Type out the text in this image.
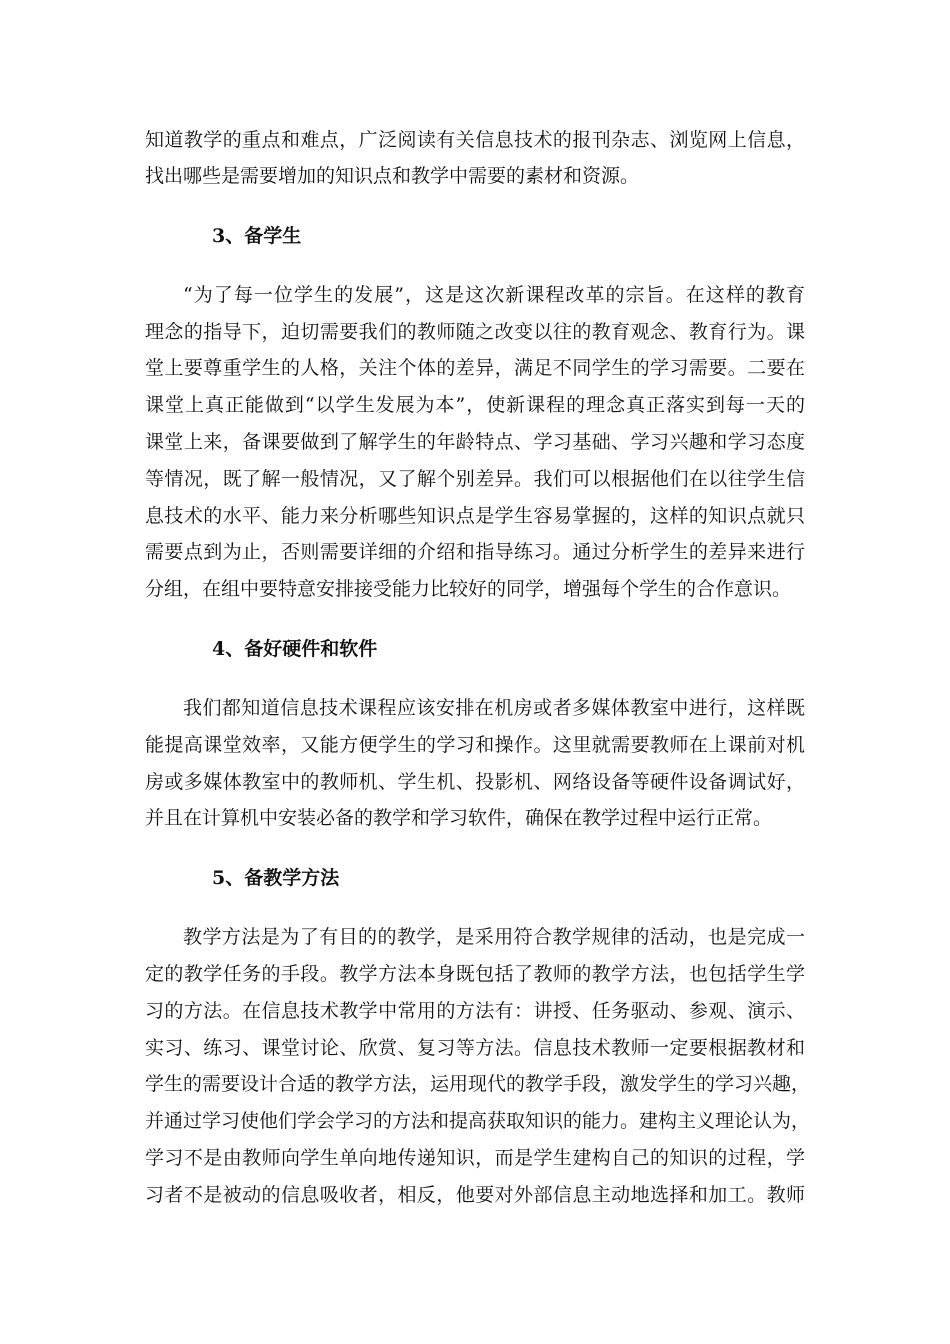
知道教学的重点和难点，广泛阅读有关信息技术的报刊杂志、浏览网上信息，
找出哪些是需要增加的知识点和教学中需要的素材和资源。
3、备学生
“为了每一位学生的发展”，这是这次新课程改革的宗旨。在这样的教育
理念的指导下，迫切需要我们的教师随之改变以往的教育观念、教育行为。课
堂上要尊重学生的人格，关注个体的差异，满足不同学生的学习需要。二要在
课堂上真正能做到“以学生发展为本”，使新课程的理念真正落实到每一天的
课堂上来，备课要做到了解学生的年龄特点、学习基础、学习兴趣和学习态度
等情况，既了解一般情况，又了解个别差异。我们可以根据他们在以往学生信
息技术的水平、能力来分析哪些知识点是学生容易掌握的，这样的知识点就只
需要点到为止，否则需要详细的介绍和指导练习。通过分析学生的差异来进行
分组，在组中要特意安排接受能力比较好的同学，增强每个学生的合作意识。
4、备好硬件和软件
我们都知道信息技术课程应该安排在机房或者多媒体教室中进行，这样既
能提高课堂效率，又能方便学生的学习和操作。这里就需要教师在上课前对机
房或多媒体教室中的教师机、学生机、投影机、网络设备等硬件设备调试好，
并且在计算机中安装必备的教学和学习软件，确保在教学过程中运行正常。
5、备教学方法
教学方法是为了有目的的教学，是采用符合教学规律的活动，也是完成一
定的教学任务的手段。教学方法本身既包括了教师的教学方法，也包括学生学
习的方法。在信息技术教学中常用的方法有：讲授、任务驱动、参观、演示、
实习、练习、课堂讨论、欣赏、复习等方法。信息技术教师一定要根据教材和
学生的需要设计合适的教学方法，运用现代的教学手段，激发学生的学习兴趣，
并通过学习使他们学会学习的方法和提高获取知识的能力。建构主义理论认为，
学习不是由教师向学生单向地传递知识，而是学生建构自己的知识的过程，学
习者不是被动的信息吸收者，相反，他要对外部信息主动地选择和加工。教师
